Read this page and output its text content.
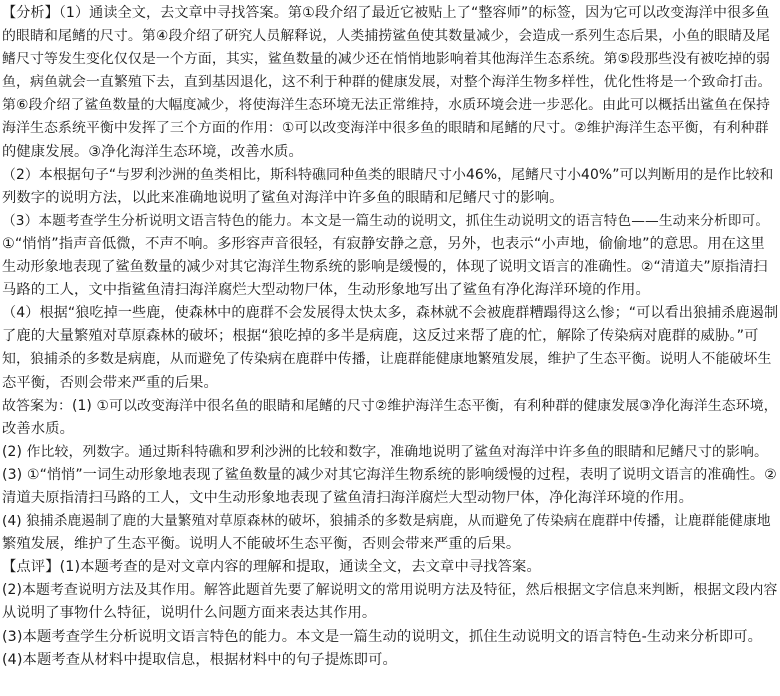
【分析】（1）通读全文，去文章中寻找答案。第①段介绍了最近它被贴上了“整容师”的标签，因为它可以改变海洋中很多鱼
的眼睛和尾鳍的尺寸。第④段介绍了研究人员解释说，人类捕捞鲨鱼使其数量减少，会造成一系列生态后果，小鱼的眼睛及尾
鳍尺寸等发生变化仅仅是一个方面，其实，鲨鱼数量的减少还在悄悄地影响着其他海洋生态系统。第⑤段那些没有被吃掉的弱
鱼，病鱼就会一直繁殖下去，直到基因退化，这不利于种群的健康发展，对整个海洋生物多样性，优化性将是一个致命打击。
第⑥段介绍了鲨鱼数量的大幅度减少，将使海洋生态环境无法正常维持，水质环境会进一步恶化。由此可以概括出鲨鱼在保持
海洋生态系统平衡中发挥了三个方面的作用：①可以改变海洋中很多鱼的眼睛和尾鳍的尺寸。②维护海洋生态平衡，有利种群
的健康发展。③净化海洋生态环境，改善水质。
（2）本根据句子“与罗利沙洲的鱼类相比，斯科特礁同种鱼类的眼睛尺寸小46%，尾鳍尺寸小40%”可以判断用的是作比较和
列数字的说明方法，以此来准确地说明了鲨鱼对海洋中许多鱼的眼睛和尼鳍尺寸的影响。
（3）本题考查学生分析说明文语言特色的能力。本文是一篇生动的说明文，抓住生动说明文的语言特色——生动来分析即可。
①“悄悄”指声音低微，不声不响。多形容声音很轻，有寂静安静之意，另外，也表示“小声地，偷偷地”的意思。用在这里
生动形象地表现了鲨鱼数量的减少对其它海洋生物系统的影响是缓慢的，体现了说明文语言的准确性。②“清道夫”原指清扫
马路的工人，文中指鲨鱼清扫海洋腐烂大型动物尸体，生动形象地写出了鲨鱼有净化海洋环境的作用。
（4）根据“狼吃掉一些鹿，使森林中的鹿群不会发展得太快太多，森林就不会被鹿群糟蹋得这么惨；“可以看出狼捕杀鹿遏制
了鹿的大量繁殖对草原森林的破坏；根据“狼吃掉的多半是病鹿，这反过来帮了鹿的忙，解除了传染病对鹿群的威胁。”可
知，狼捕杀的多数是病鹿，从而避免了传染病在鹿群中传播，让鹿群能健康地繁殖发展，维护了生态平衡。说明人不能破坏生
态平衡，否则会带来严重的后果。
故答案为：(1) ①可以改变海洋中很名鱼的眼睛和尾鳍的尺寸②维护海洋生态平衡，有利种群的健康发展③净化海洋生态环境，
改善水质。
(2) 作比较，列数字。通过斯科特礁和罗利沙洲的比较和数字，准确地说明了鲨鱼对海洋中许多鱼的眼睛和尼鳍尺寸的影响。
(3) ①“悄悄”一词生动形象地表现了鲨鱼数量的减少对其它海洋生物系统的影响缓慢的过程，表明了说明文语言的准确性。②
清道夫原指清扫马路的工人，文中生动形象地表现了鲨鱼清扫海洋腐烂大型动物尸体，净化海洋环境的作用。
(4) 狼捕杀鹿遏制了鹿的大量繁殖对草原森林的破坏，狼捕杀的多数是病鹿，从而避免了传染病在鹿群中传播，让鹿群能健康地
繁殖发展，维护了生态平衡。说明人不能破坏生态平衡，否则会带来严重的后果。
【点评】(1)本题考查的是对文章内容的理解和提取，通读全文，去文章中寻找答案。
(2)本题考查说明方法及其作用。解答此题首先要了解说明文的常用说明方法及特征，然后根据文字信息来判断，根据文段内容
从说明了事物什么特征，说明什么问题方面来表达其作用。
(3)本题考查学生分析说明文语言特色的能力。本文是一篇生动的说明文，抓住生动说明文的语言特色-生动来分析即可。
(4)本题考查从材料中提取信息，根据材料中的句子提炼即可。
